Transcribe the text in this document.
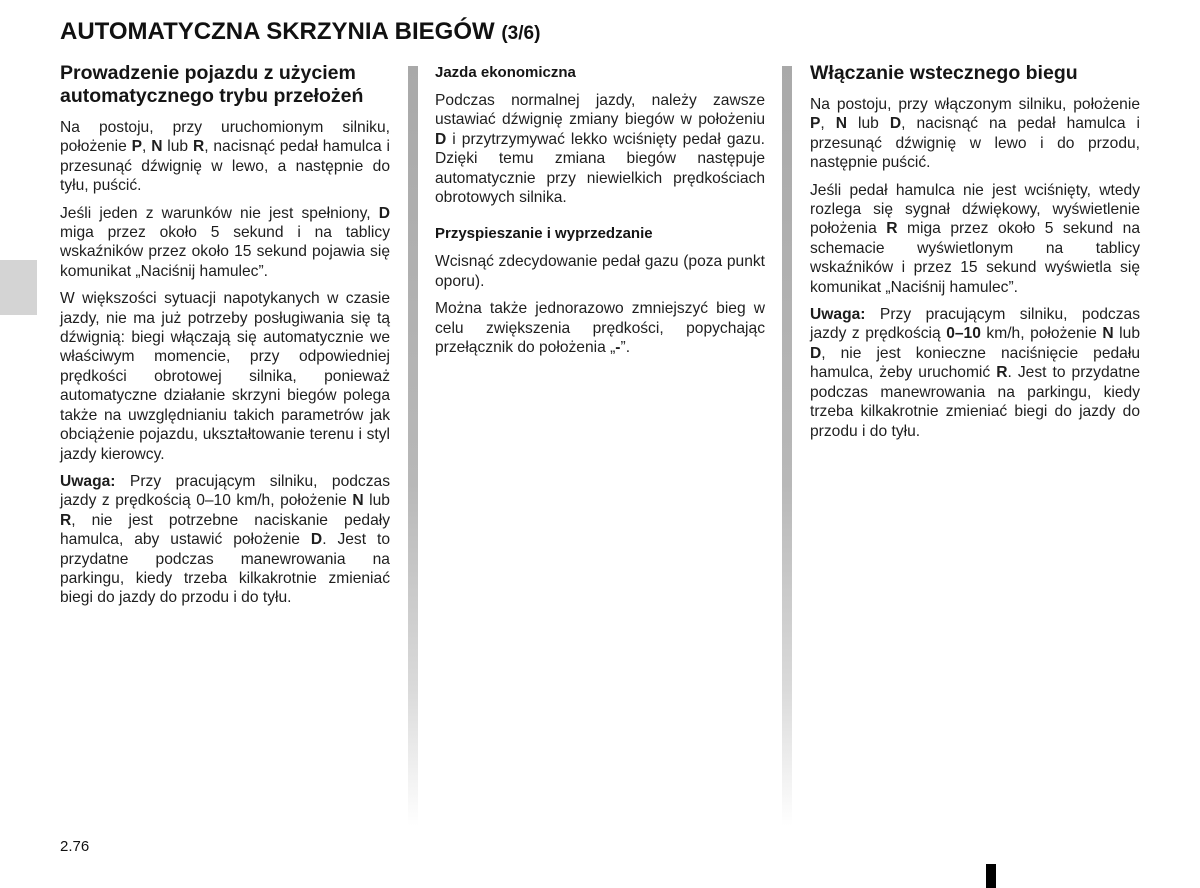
AUTOMATYCZNA SKRZYNIA BIEGÓW (3/6)
Prowadzenie pojazdu z użyciem automatycznego trybu przełożeń
Na postoju, przy uruchomionym silniku, położenie P, N lub R, nacisnąć pedał hamulca i przesunąć dźwignię w lewo, a następnie do tyłu, puścić.
Jeśli jeden z warunków nie jest spełniony, D miga przez około 5 sekund i na tablicy wskaźników przez około 15 sekund pojawia się komunikat „Naciśnij hamulec”.
W większości sytuacji napotykanych w czasie jazdy, nie ma już potrzeby posługiwania się tą dźwignią: biegi włączają się automatycznie we właściwym momencie, przy odpowiedniej prędkości obrotowej silnika, ponieważ automatyczne działanie skrzyni biegów polega także na uwzględnianiu takich parametrów jak obciążenie pojazdu, ukształtowanie terenu i styl jazdy kierowcy.
Uwaga: Przy pracującym silniku, podczas jazdy z prędkością 0–10 km/h, położenie N lub R, nie jest potrzebne naciskanie pedały hamulca, aby ustawić położenie D. Jest to przydatne podczas manewrowania na parkingu, kiedy trzeba kilkakrotnie zmieniać biegi do jazdy do przodu i do tyłu.
Jazda ekonomiczna
Podczas normalnej jazdy, należy zawsze ustawiać dźwignię zmiany biegów w położeniu D i przytrzymywać lekko wciśnięty pedał gazu. Dzięki temu zmiana biegów następuje automatycznie przy niewielkich prędkościach obrotowych silnika.
Przyspieszanie i wyprzedzanie
Wcisnąć zdecydowanie pedał gazu (poza punkt oporu).
Można także jednorazowo zmniejszyć bieg w celu zwiększenia prędkości, popychając przełącznik do położenia „-”.
Włączanie wstecznego biegu
Na postoju, przy włączonym silniku, położenie P, N lub D, nacisnąć na pedał hamulca i przesunąć dźwignię w lewo i do przodu, następnie puścić.
Jeśli pedał hamulca nie jest wciśnięty, wtedy rozlega się sygnał dźwiękowy, wyświetlenie położenia R miga przez około 5 sekund na schemacie wyświetlonym na tablicy wskaźników i przez 15 sekund wyświetla się komunikat „Naciśnij hamulec”.
Uwaga: Przy pracującym silniku, podczas jazdy z prędkością 0–10 km/h, położenie N lub D, nie jest konieczne naciśnięcie pedału hamulca, żeby uruchomić R. Jest to przydatne podczas manewrowania na parkingu, kiedy trzeba kilkakrotnie zmieniać biegi do jazdy do przodu i do tyłu.
2.76
